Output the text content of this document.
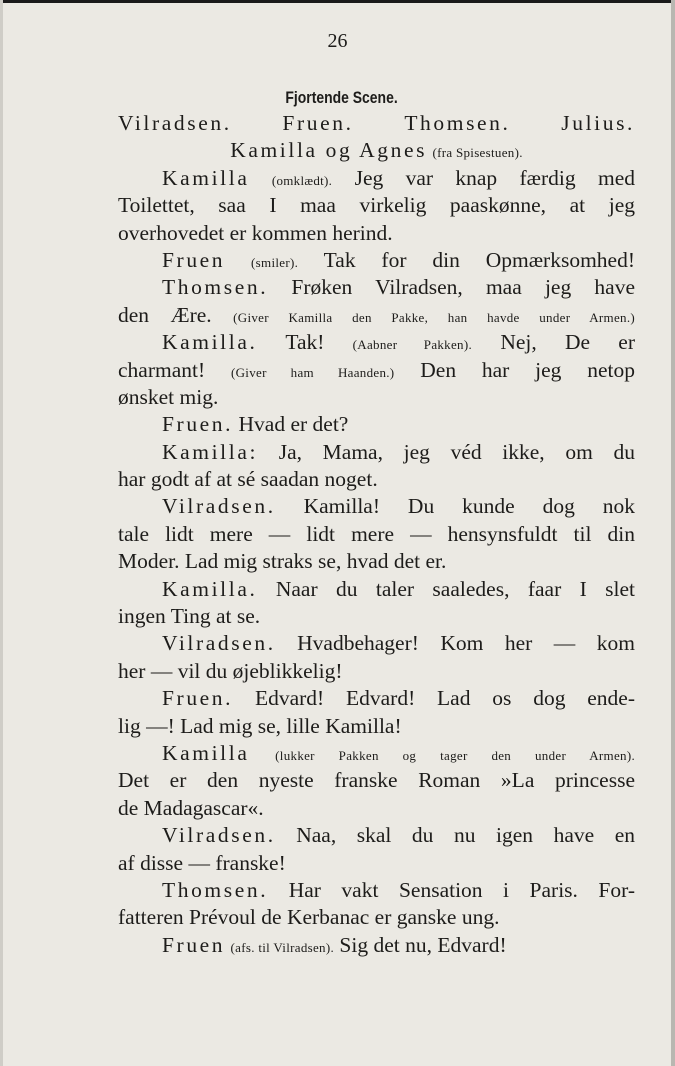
26
Fjortende Scene.
Vilradsen. Fruen. Thomsen. Julius.
Kamilla og Agnes (fra Spisestuen).
Kamilla (omklædt). Jeg var knap færdig med
Toilettet, saa I maa virkelig paaskønne, at jeg
overhovedet er kommen herind.
Fruen (smiler). Tak for din Opmærksomhed!
Thomsen. Frøken Vilradsen, maa jeg have
den Ære. (Giver Kamilla den Pakke, han havde under Armen.)
Kamilla. Tak! (Aabner Pakken). Nej, De er
charmant! (Giver ham Haanden.) Den har jeg netop
ønsket mig.
Fruen. Hvad er det?
Kamilla: Ja, Mama, jeg véd ikke, om du
har godt af at sé saadan noget.
Vilradsen. Kamilla! Du kunde dog nok
tale lidt mere — lidt mere — hensynsfuldt til din
Moder. Lad mig straks se, hvad det er.
Kamilla. Naar du taler saaledes, faar I slet
ingen Ting at se.
Vilradsen. Hvadbehager! Kom her — kom
her — vil du øjeblikkelig!
Fruen. Edvard! Edvard! Lad os dog ende-
lig —! Lad mig se, lille Kamilla!
Kamilla (lukker Pakken og tager den under Armen).
Det er den nyeste franske Roman »La princesse
de Madagascar«.
Vilradsen. Naa, skal du nu igen have en
af disse — franske!
Thomsen. Har vakt Sensation i Paris. For-
fatteren Prévoul de Kerbanac er ganske ung.
Fruen (afs. til Vilradsen). Sig det nu, Edvard!
